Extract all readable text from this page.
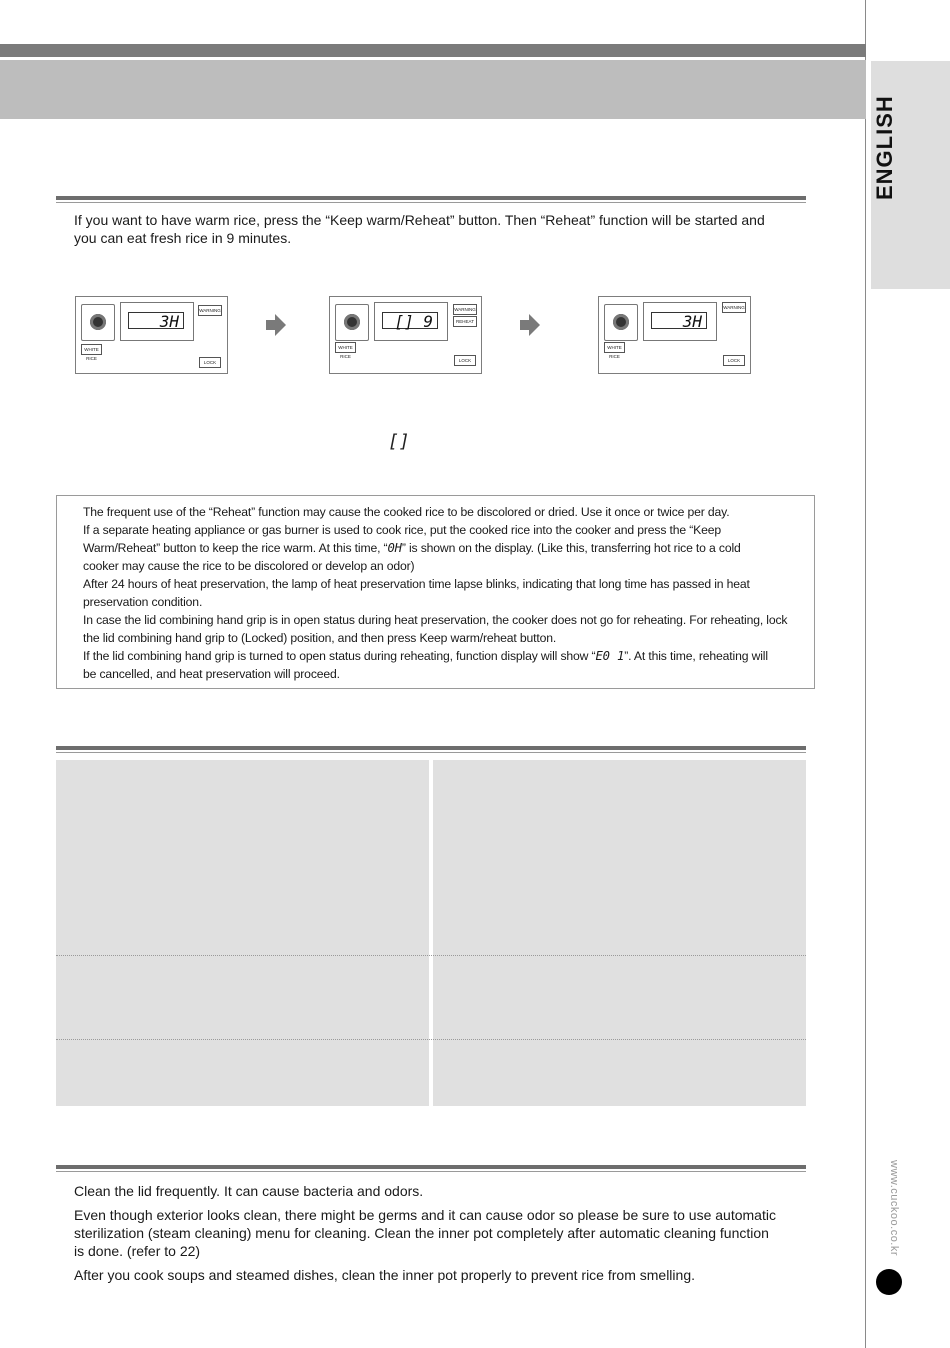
If you want to have warm rice, press the “Keep warm/Reheat” button. Then “Reheat” function will be started and
you can eat fresh rice in 9 minutes.
3H
WARNING
WHITE RICE
LOCK
[] 9
WARNING
REHEAT
WHITE RICE
LOCK
3H
WARNING
WHITE RICE
LOCK
[]
The frequent use of the “Reheat” function may cause the cooked rice to be discolored or dried. Use it once or twice per day.
If a separate heating appliance or gas burner is used to cook rice, put the cooked rice into the cooker and press the “Keep
Warm/Reheat” button to keep the rice warm. At this time, “0H” is shown on the display. (Like this, transferring hot rice to a cold
cooker may cause the rice to be discolored or develop an odor)
After 24 hours of heat preservation, the lamp of heat preservation time lapse blinks, indicating that long time has passed in heat
preservation condition.
In case the lid combining hand grip is in open status during heat preservation, the cooker does not go for reheating. For reheating, lock
the lid combining hand grip to (Locked) position, and then press Keep warm/reheat button.
If the lid combining hand grip is turned to open status during reheating, function display will show “E0 1”. At this time, reheating will
be cancelled, and heat preservation will proceed.
Clean the lid frequently. It can cause bacteria and odors.
Even though exterior looks clean, there might be germs and it can cause odor so please be sure to use automatic
sterilization (steam cleaning) menu for cleaning. Clean the inner pot completely after automatic cleaning function
is done. (refer to 22)
After you cook soups and steamed dishes, clean the inner pot properly to prevent rice from smelling.
www.cuckoo.co.kr
